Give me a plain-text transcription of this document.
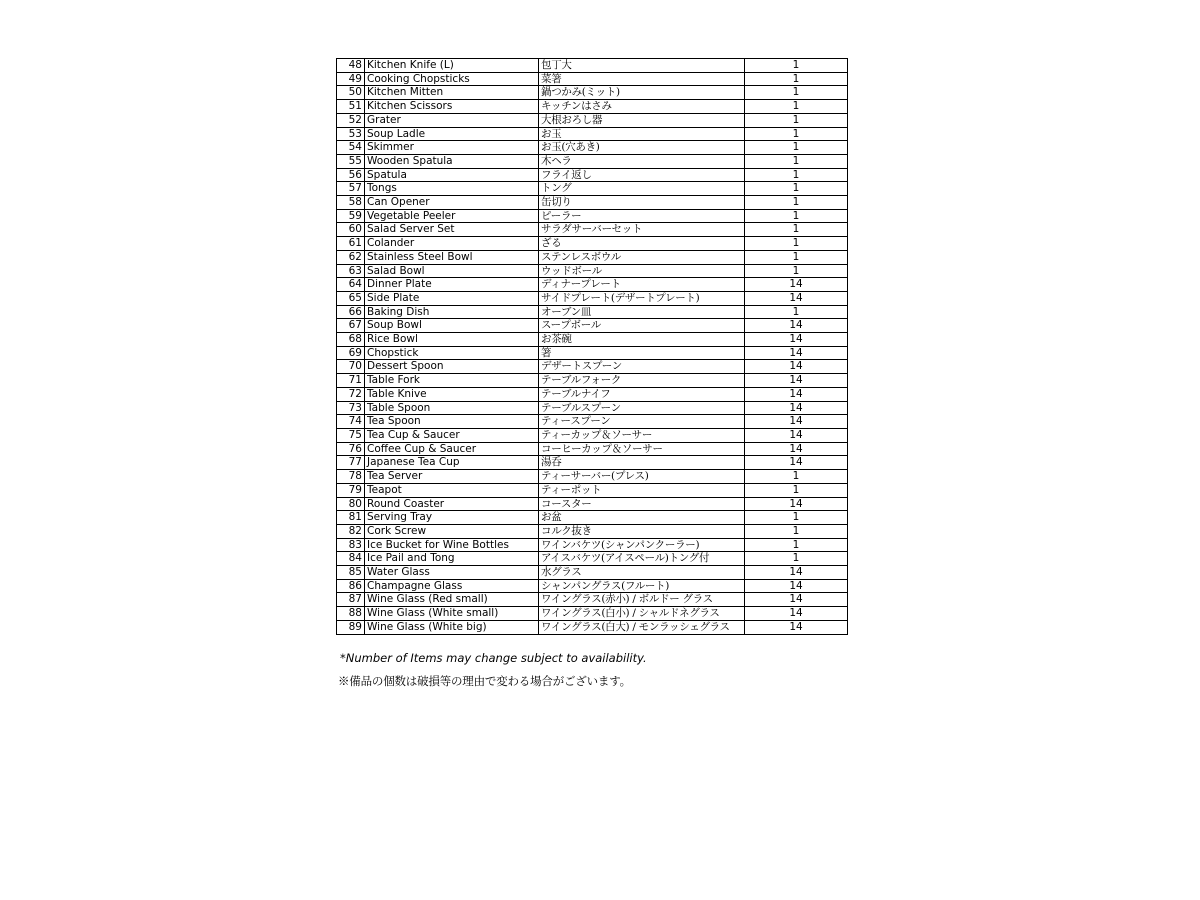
48	Kitchen Knife (L)	包丁大	1
49	Cooking Chopsticks	菜箸	1
50	Kitchen Mitten	鍋つかみ(ミット)	1
51	Kitchen Scissors	キッチンはさみ	1
52	Grater	大根おろし器	1
53	Soup Ladle	お玉	1
54	Skimmer	お玉(穴あき)	1
55	Wooden Spatula	木ヘラ	1
56	Spatula	フライ返し	1
57	Tongs	トング	1
58	Can Opener	缶切り	1
59	Vegetable Peeler	ピーラー	1
60	Salad Server Set	サラダサーバーセット	1
61	Colander	ざる	1
62	Stainless Steel Bowl	ステンレスボウル	1
63	Salad Bowl	ウッドボール	1
64	Dinner Plate	ディナープレート	14
65	Side Plate	サイドプレート(デザートプレート)	14
66	Baking Dish	オーブン皿	1
67	Soup Bowl	スープボール	14
68	Rice Bowl	お茶碗	14
69	Chopstick	箸	14
70	Dessert Spoon	デザートスプーン	14
71	Table Fork	テーブルフォーク	14
72	Table Knive	テーブルナイフ	14
73	Table Spoon	テーブルスプーン	14
74	Tea Spoon	ティースプーン	14
75	Tea Cup & Saucer	ティーカップ＆ソーサー	14
76	Coffee Cup & Saucer	コーヒーカップ＆ソーサー	14
77	Japanese Tea Cup	湯呑	14
78	Tea Server	ティーサーバー(プレス)	1
79	Teapot	ティーポット	1
80	Round Coaster	コースター	14
81	Serving Tray	お盆	1
82	Cork Screw	コルク抜き	1
83	Ice Bucket for Wine Bottles	ワインバケツ(シャンパンクーラー)	1
84	Ice Pail and Tong	アイスバケツ(アイスペール)トング付	1
85	Water Glass	水グラス	14
86	Champagne Glass	シャンパングラス(フルート)	14
87	Wine Glass (Red small)	ワイングラス(赤小) / ボルドー グラス	14
88	Wine Glass (White small)	ワイングラス(白小) / シャルドネグラス	14
89	Wine Glass (White big)	ワイングラス(白大) / モンラッシェグラス	14
*Number of Items may change subject to availability.
※備品の個数は破損等の理由で変わる場合がございます。
